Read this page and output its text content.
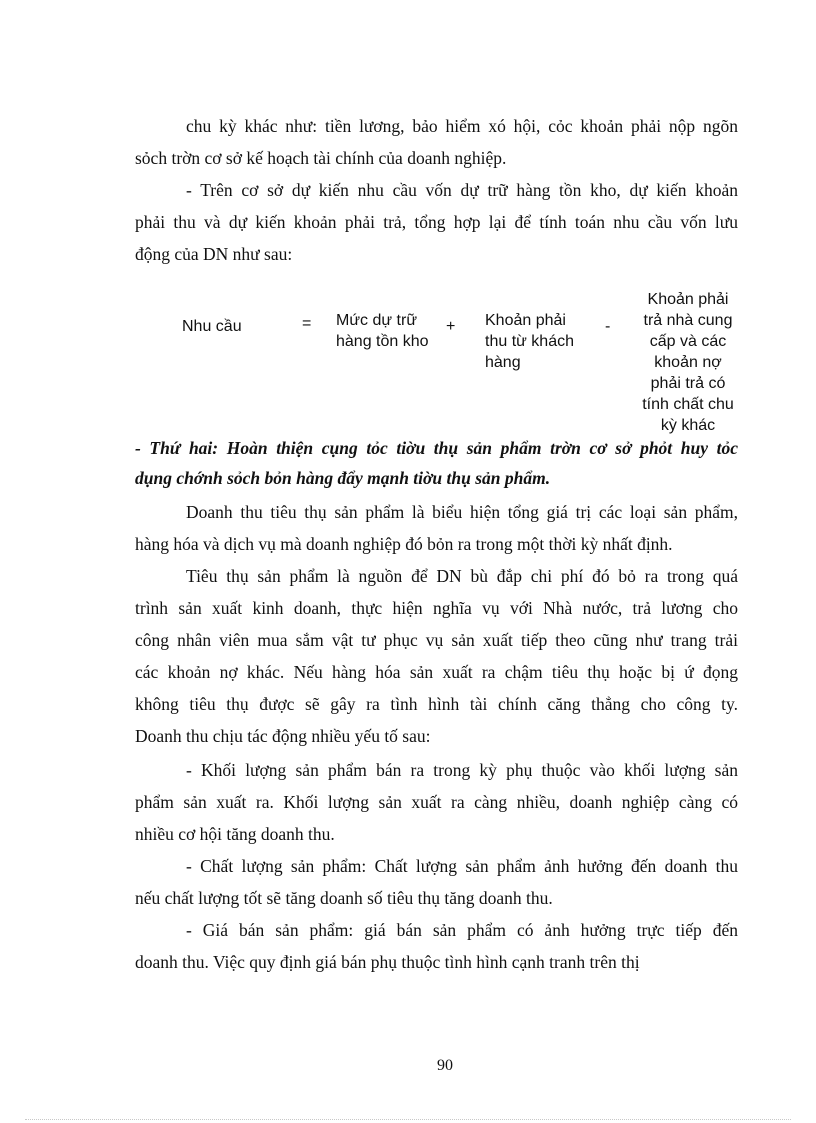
chu kỳ khác như: tiền lương, bảo hiểm xó hội, cỏc khoản phải nộp ngõn
sỏch trờn cơ sở kế hoạch tài chính của doanh nghiệp.
- Trên cơ sở dự kiến nhu cầu vốn dự trữ hàng tồn kho, dự kiến khoản
phải thu và dự kiến khoản phải trả, tổng hợp lại để tính toán nhu cầu vốn lưu
động của DN như sau:
Nhu cầu	= Mức dự trữ
hàng tồn kho
+ Khoản phải
thu từ khách
hàng
-
Khoản phải
trả nhà cung
cấp và các
khoản nợ
phải trả có
tính chất chu
kỳ khác
- Thứ hai: Hoàn thiện cụng tỏc tiờu thụ sản phẩm trờn cơ sở phỏt huy tỏc
dụng chớnh sỏch bỏn hàng đẩy mạnh tiờu thụ sản phẩm.
Doanh thu tiêu thụ sản phẩm là biểu hiện tổng giá trị các loại sản phẩm,
hàng hóa và dịch vụ mà doanh nghiệp đó bỏn ra trong một thời kỳ nhất định.
Tiêu thụ sản phẩm là nguồn để DN bù đắp chi phí đó bỏ ra trong quá
trình sản xuất kinh doanh, thực hiện nghĩa vụ với Nhà nước, trả lương cho
công nhân viên mua sắm vật tư phục vụ sản xuất tiếp theo cũng như trang trải
các khoản nợ khác. Nếu hàng hóa sản xuất ra chậm tiêu thụ hoặc bị ứ đọng
không tiêu thụ được sẽ gây ra tình hình tài chính căng thẳng cho công ty.
Doanh thu chịu tác động nhiều yếu tố sau:
- Khối lượng sản phẩm bán ra trong kỳ phụ thuộc vào khối lượng sản
phẩm sản xuất ra. Khối lượng sản xuất ra càng nhiều, doanh nghiệp càng có
nhiều cơ hội tăng doanh thu.
- Chất lượng sản phẩm: Chất lượng sản phẩm ảnh hưởng đến doanh thu
nếu chất lượng tốt sẽ tăng doanh số tiêu thụ tăng doanh thu.
- Giá bán sản phẩm: giá bán sản phẩm có ảnh hưởng trực tiếp đến
doanh thu. Việc quy định giá bán phụ thuộc tình hình cạnh tranh trên thị
90
